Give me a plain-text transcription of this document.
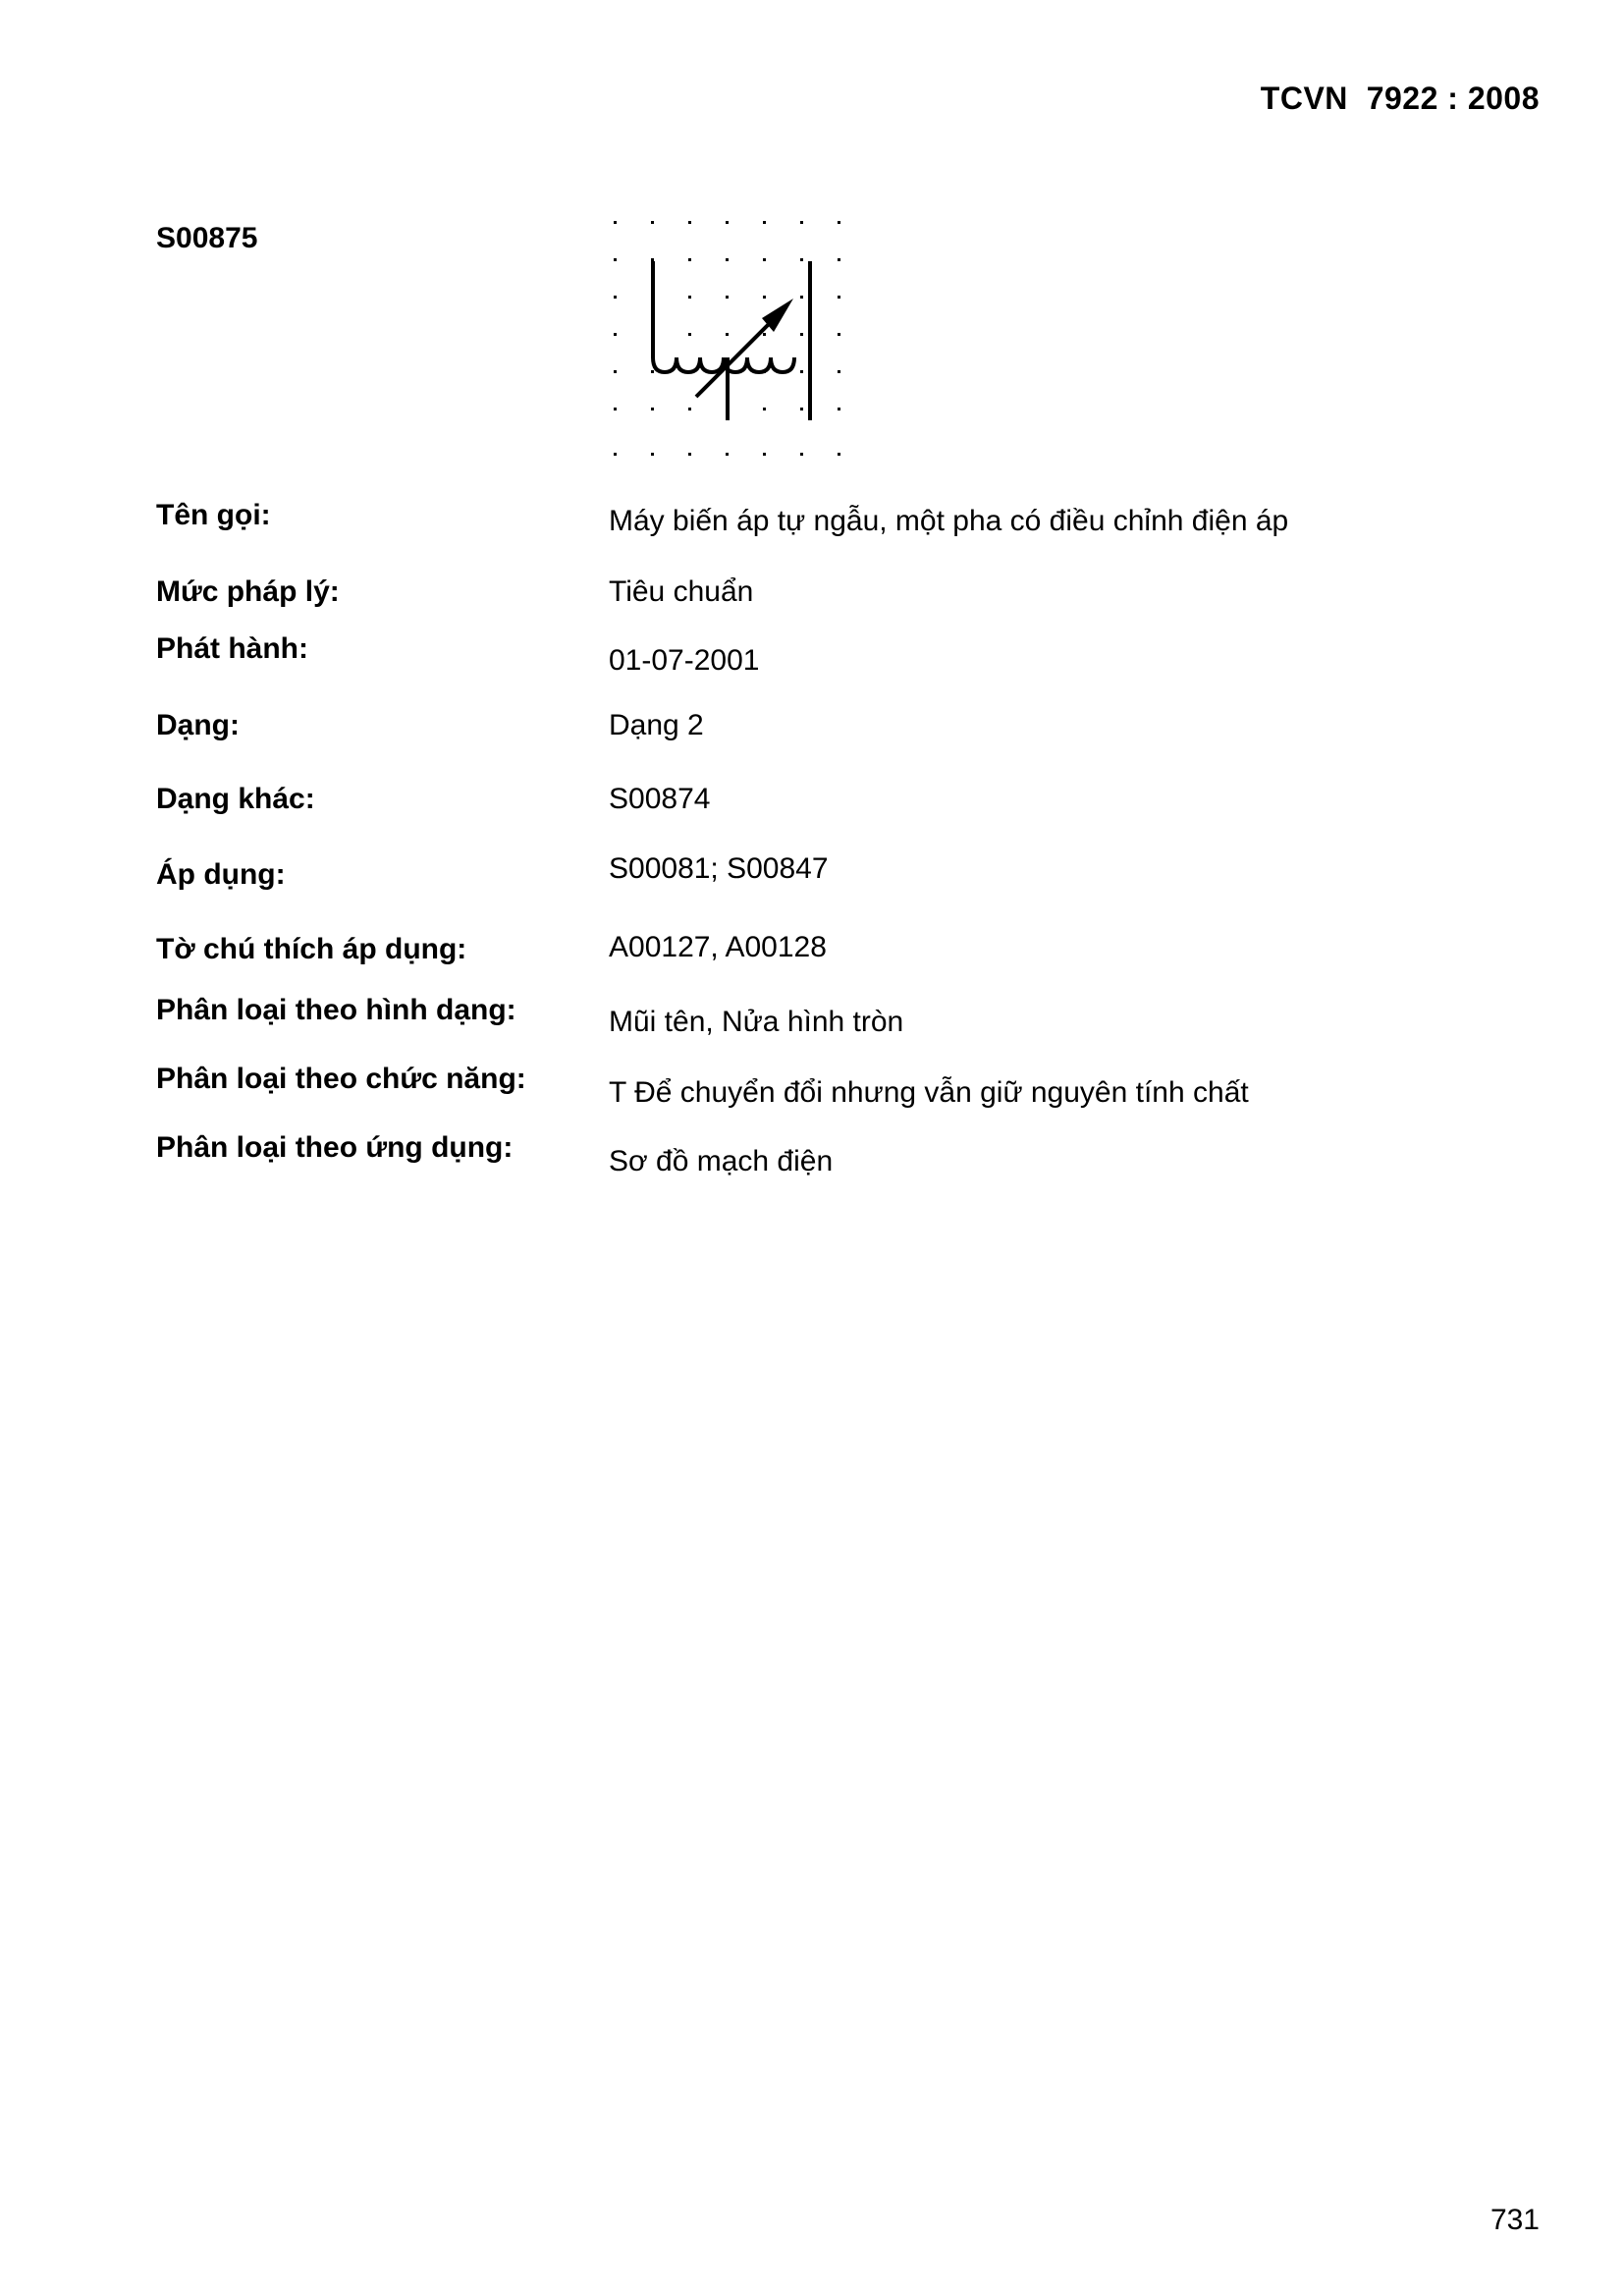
TCVN  7922 : 2008
S00875
Tên gọi:	Máy biến áp tự ngẫu, một pha có điều chỉnh điện áp
Mức pháp lý:	Tiêu chuẩn
Phát hành:	01-07-2001
Dạng:	Dạng 2
Dạng khác:	S00874
Áp dụng:	S00081; S00847
Tờ chú thích áp dụng:	A00127, A00128
Phân loại theo hình dạng:	Mũi tên, Nửa hình tròn
Phân loại theo chức năng:	T Để chuyển đổi nhưng vẫn giữ nguyên tính chất
Phân loại theo ứng dụng:	Sơ đồ mạch điện
731
